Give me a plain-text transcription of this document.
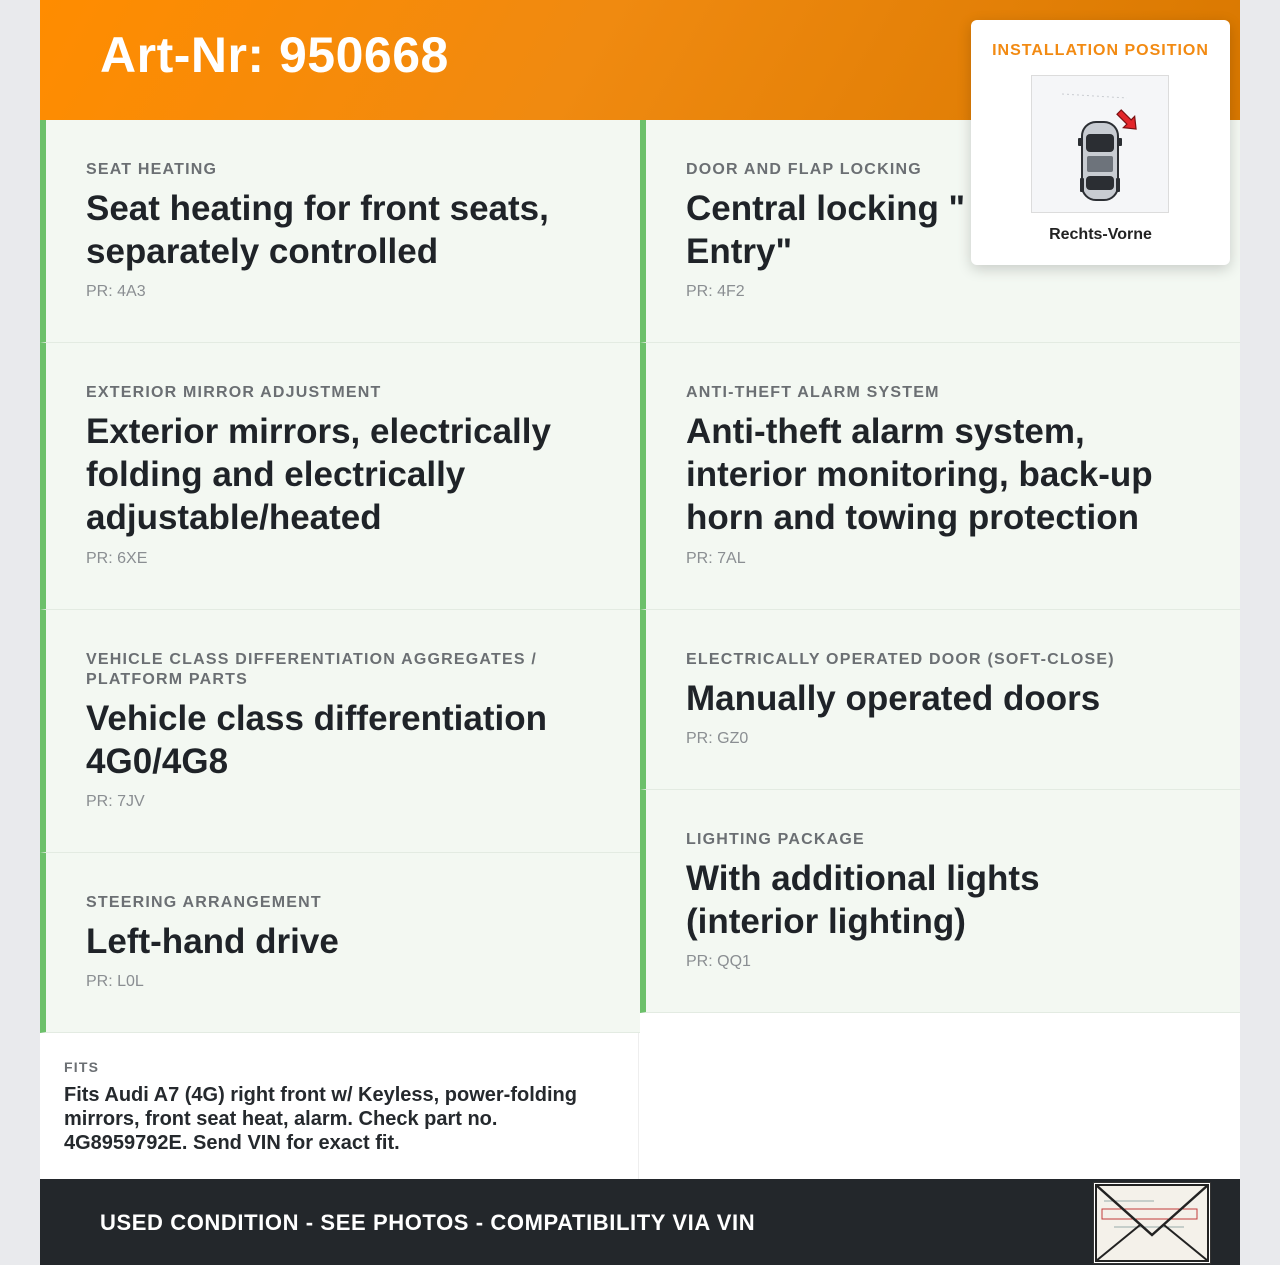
Art-Nr: 950668
SEAT HEATING
Seat heating for front seats,
separately controlled
PR: 4A3
EXTERIOR MIRROR ADJUSTMENT
Exterior mirrors, electrically
folding and electrically
adjustable/heated
PR: 6XE
VEHICLE CLASS DIFFERENTIATION AGGREGATES /
PLATFORM PARTS
Vehicle class differentiation
4G0/4G8
PR: 7JV
STEERING ARRANGEMENT
Left-hand drive
PR: L0L
DOOR AND FLAP LOCKING
Central locking "
Entry"
PR: 4F2
ANTI-THEFT ALARM SYSTEM
Anti-theft alarm system,
interior monitoring, back-up
horn and towing protection
PR: 7AL
ELECTRICALLY OPERATED DOOR (SOFT-CLOSE)
Manually operated doors
PR: GZ0
LIGHTING PACKAGE
With additional lights
(interior lighting)
PR: QQ1
INSTALLATION POSITION
Rechts-Vorne
FITS
Fits Audi A7 (4G) right front w/ Keyless, power-folding
mirrors, front seat heat, alarm. Check part no.
4G8959792E. Send VIN for exact fit.
USED CONDITION - SEE PHOTOS - COMPATIBILITY VIA VIN
